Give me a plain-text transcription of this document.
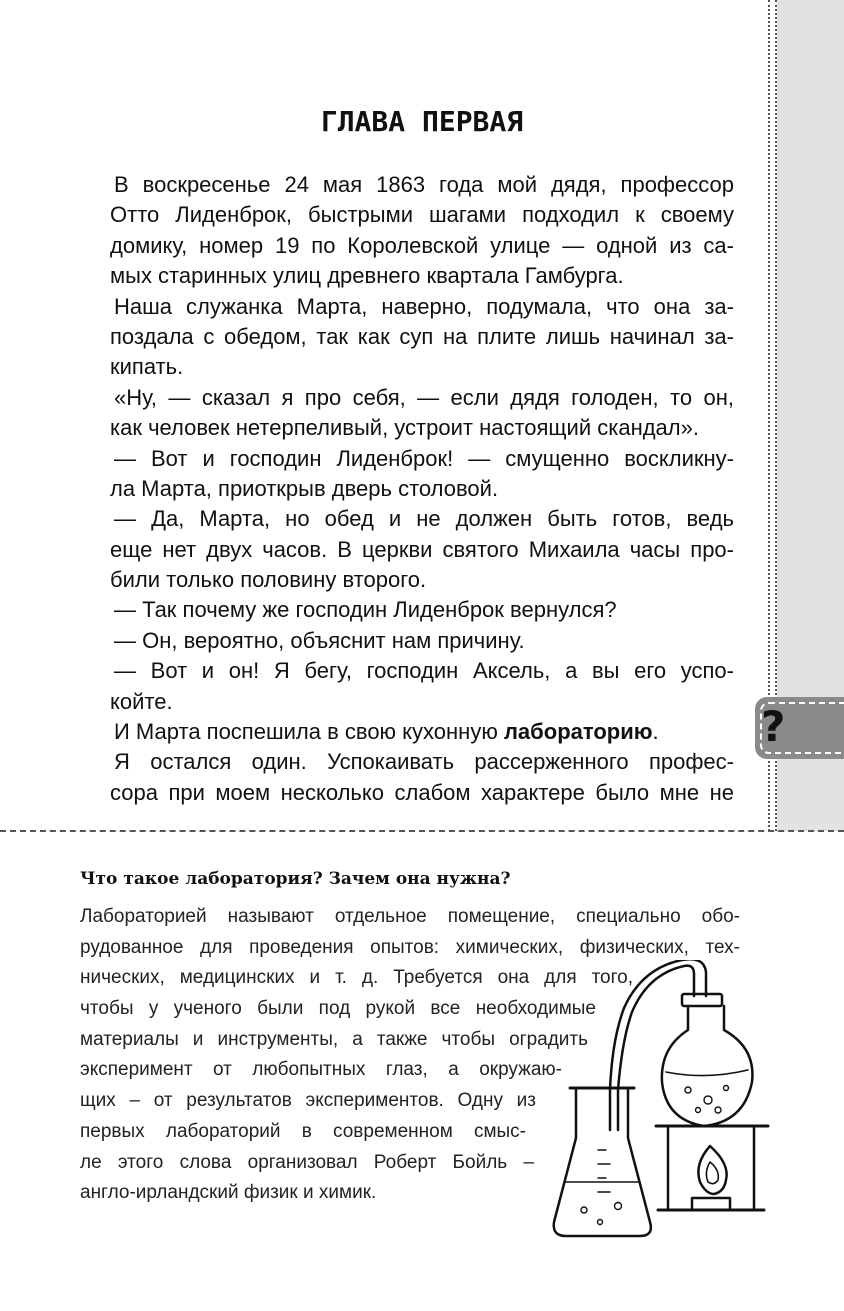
?
ГЛАВА ПЕРВАЯ
В воскресенье 24 мая 1863 года мой дядя, профессор
Отто Лиденброк, быстрыми шагами подходил к своему
домику, номер 19 по Королевской улице — одной из са-
мых старинных улиц древнего квартала Гамбурга.
Наша служанка Марта, наверно, подумала, что она за-
поздала с обедом, так как суп на плите лишь начинал за-
кипать.
«Ну, — сказал я про себя, — если дядя голоден, то он,
как человек нетерпеливый, устроит настоящий скандал».
— Вот и господин Лиденброк! — смущенно воскликну-
ла Марта, приоткрыв дверь столовой.
— Да, Марта, но обед и не должен быть готов, ведь
еще нет двух часов. В церкви святого Михаила часы про-
били только половину второго.
— Так почему же господин Лиденброк вернулся?
— Он, вероятно, объяснит нам причину.
— Вот и он! Я бегу, господин Аксель, а вы его успо-
койте.
И Марта поспешила в свою кухонную лабораторию.
Я остался один. Успокаивать рассерженного профес-
сора при моем несколько слабом характере было мне не
Что такое лаборатория? Зачем она нужна?
Лабораторией называют отдельное помещение, специально обо-
рудованное для проведения опытов: химических, физических, тех-
нических, медицинских и т. д. Требуется она для того,
чтобы у ученого были под рукой все необходимые
материалы и инструменты, а также чтобы оградить
эксперимент от любопытных глаз, а окружаю-
щих – от результатов экспериментов. Одну из
первых лабораторий в современном смыс-
ле этого слова организовал Роберт Бойль –
англо-ирландский физик и химик.
